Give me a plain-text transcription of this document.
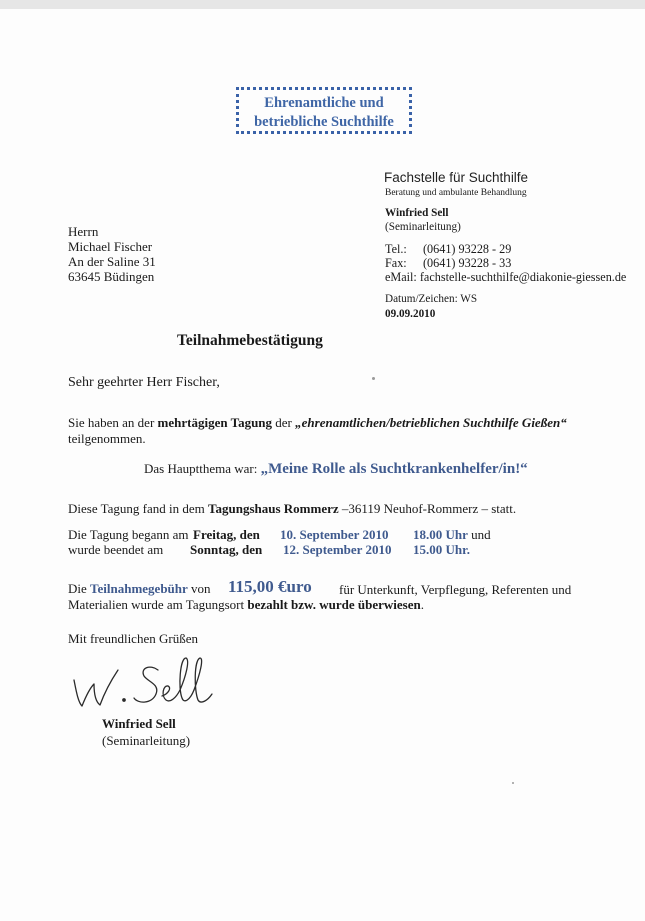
Ehrenamtliche und
betriebliche Suchthilfe
Fachstelle für Suchthilfe
Beratung und ambulante Behandlung
Winfried Sell
(Seminarleitung)
Tel.: (0641) 93228 - 29
Fax: (0641) 93228 - 33
eMail: fachstelle-suchthilfe@diakonie-giessen.de
Datum/Zeichen: WS
09.09.2010
Herrn
Michael Fischer
An der Saline 31
63645 Büdingen
Teilnahmebestätigung
Sehr geehrter Herr Fischer,
Sie haben an der mehrtägigen Tagung der „ehrenamtlichen/betrieblichen Suchthilfe Gießen“
teilgenommen.
Das Hauptthema war: „Meine Rolle als Suchtkrankenhelfer/in!“
Diese Tagung fand in dem Tagungshaus Rommerz –36119 Neuhof-Rommerz – statt.
Die Tagung begann am Freitag, den 10. September 2010 18.00 Uhr und
wurde beendet am Sonntag, den 12. September 2010 15.00 Uhr.
Die Teilnahmegebühr von 115,00 €uro für Unterkunft, Verpflegung, Referenten und
Materialien wurde am Tagungsort bezahlt bzw. wurde überwiesen.
Mit freundlichen Grüßen
Winfried Sell
(Seminarleitung)
